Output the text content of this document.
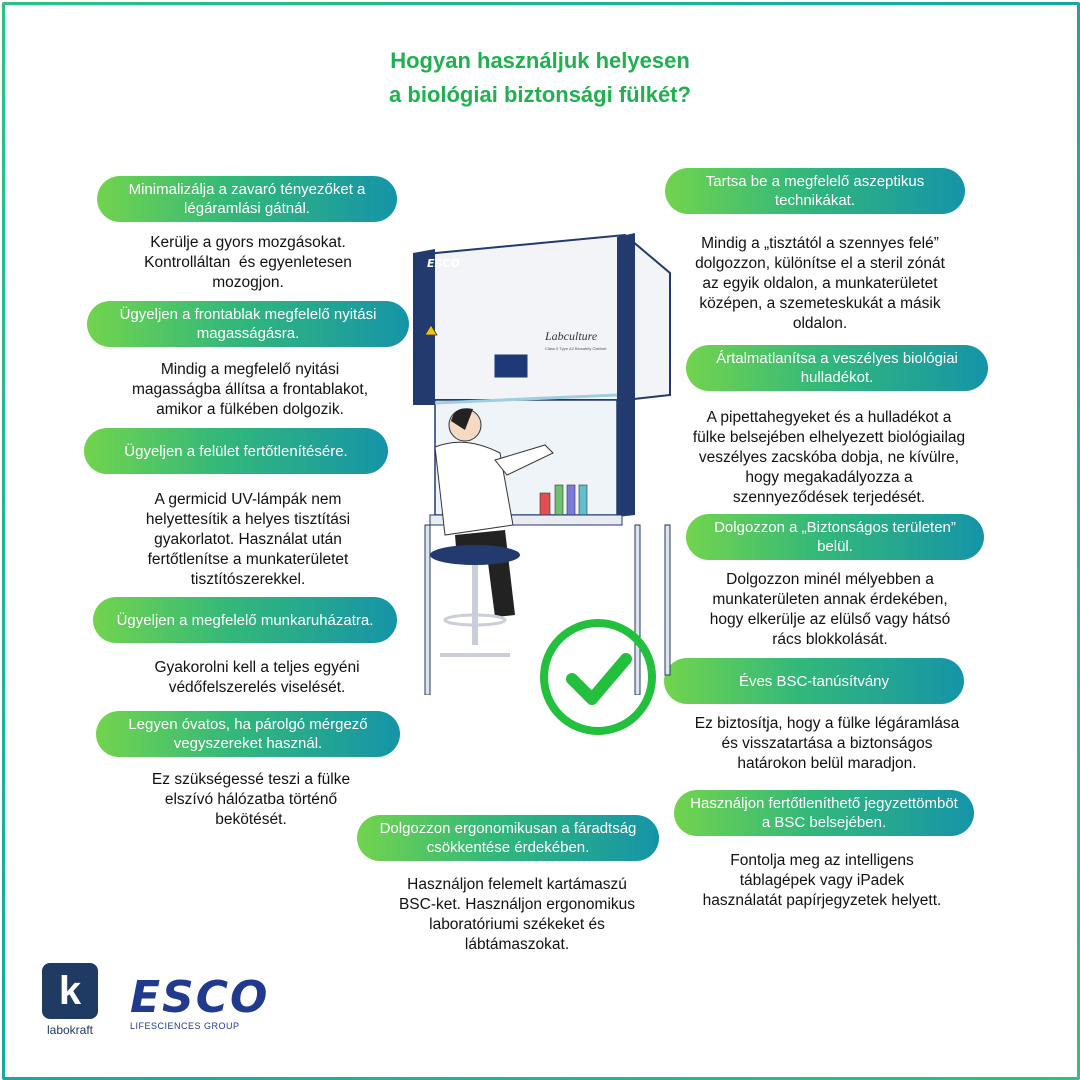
Hogyan használjuk helyesen
a biológiai biztonsági fülkét?
Minimalizálja a zavaró tényezőket a légáramlási gátnál.
Kerülje a gyors mozgásokat.
Kontrolláltan  és egyenletesen
mozogjon.
Ügyeljen a frontablak megfelelő nyitási magasságásra.
Mindig a megfelelő nyitási
magasságba állítsa a frontablakot,
amikor a fülkében dolgozik.
Ügyeljen a felület fertőtlenítésére.
A germicid UV-lámpák nem
helyettesítik a helyes tisztítási
gyakorlatot. Használat után
fertőtlenítse a munkaterületet
tisztítószerekkel.
Ügyeljen a megfelelő munkaruházatra.
Gyakorolni kell a teljes egyéni
védőfelszerelés viselését.
Legyen óvatos, ha párolgó mérgező vegyszereket használ.
Ez szükségessé teszi a fülke
elszívó hálózatba történő
bekötését.
Dolgozzon ergonomikusan a fáradtság csökkentése érdekében.
Használjon felemelt kartámaszú
BSC-ket. Használjon ergonomikus
laboratóriumi székeket és
lábtámaszokat.
Tartsa be a megfelelő aszeptikus technikákat.
Mindig a „tisztától a szennyes felé”
dolgozzon, különítse el a steril zónát
az egyik oldalon, a munkaterületet
középen, a szemeteskukát a másik
oldalon.
Ártalmatlanítsa a veszélyes biológiai hulladékot.
A pipettahegyeket és a hulladékot a
fülke belsejében elhelyezett biológiailag
veszélyes zacskóba dobja, ne kívülre,
hogy megakadályozza a
szennyeződések terjedését.
Dolgozzon a „Biztonságos területen” belül.
Dolgozzon minél mélyebben a
munkaterületen annak érdekében,
hogy elkerülje az elülső vagy hátsó
rács blokkolását.
Éves BSC-tanúsítvány
Ez biztosítja, hogy a fülke légáramlása
és visszatartása a biztonságos
határokon belül maradjon.
Használjon fertőtleníthető jegyzettömböt a BSC belsejében.
Fontolja meg az intelligens
táblagépek vagy iPadek
használatát papírjegyzetek helyett.
ESCO
Labculture
Class II Type A2 Biosafety Cabinet
k
labokraft
ESCO
LIFESCIENCES GROUP
